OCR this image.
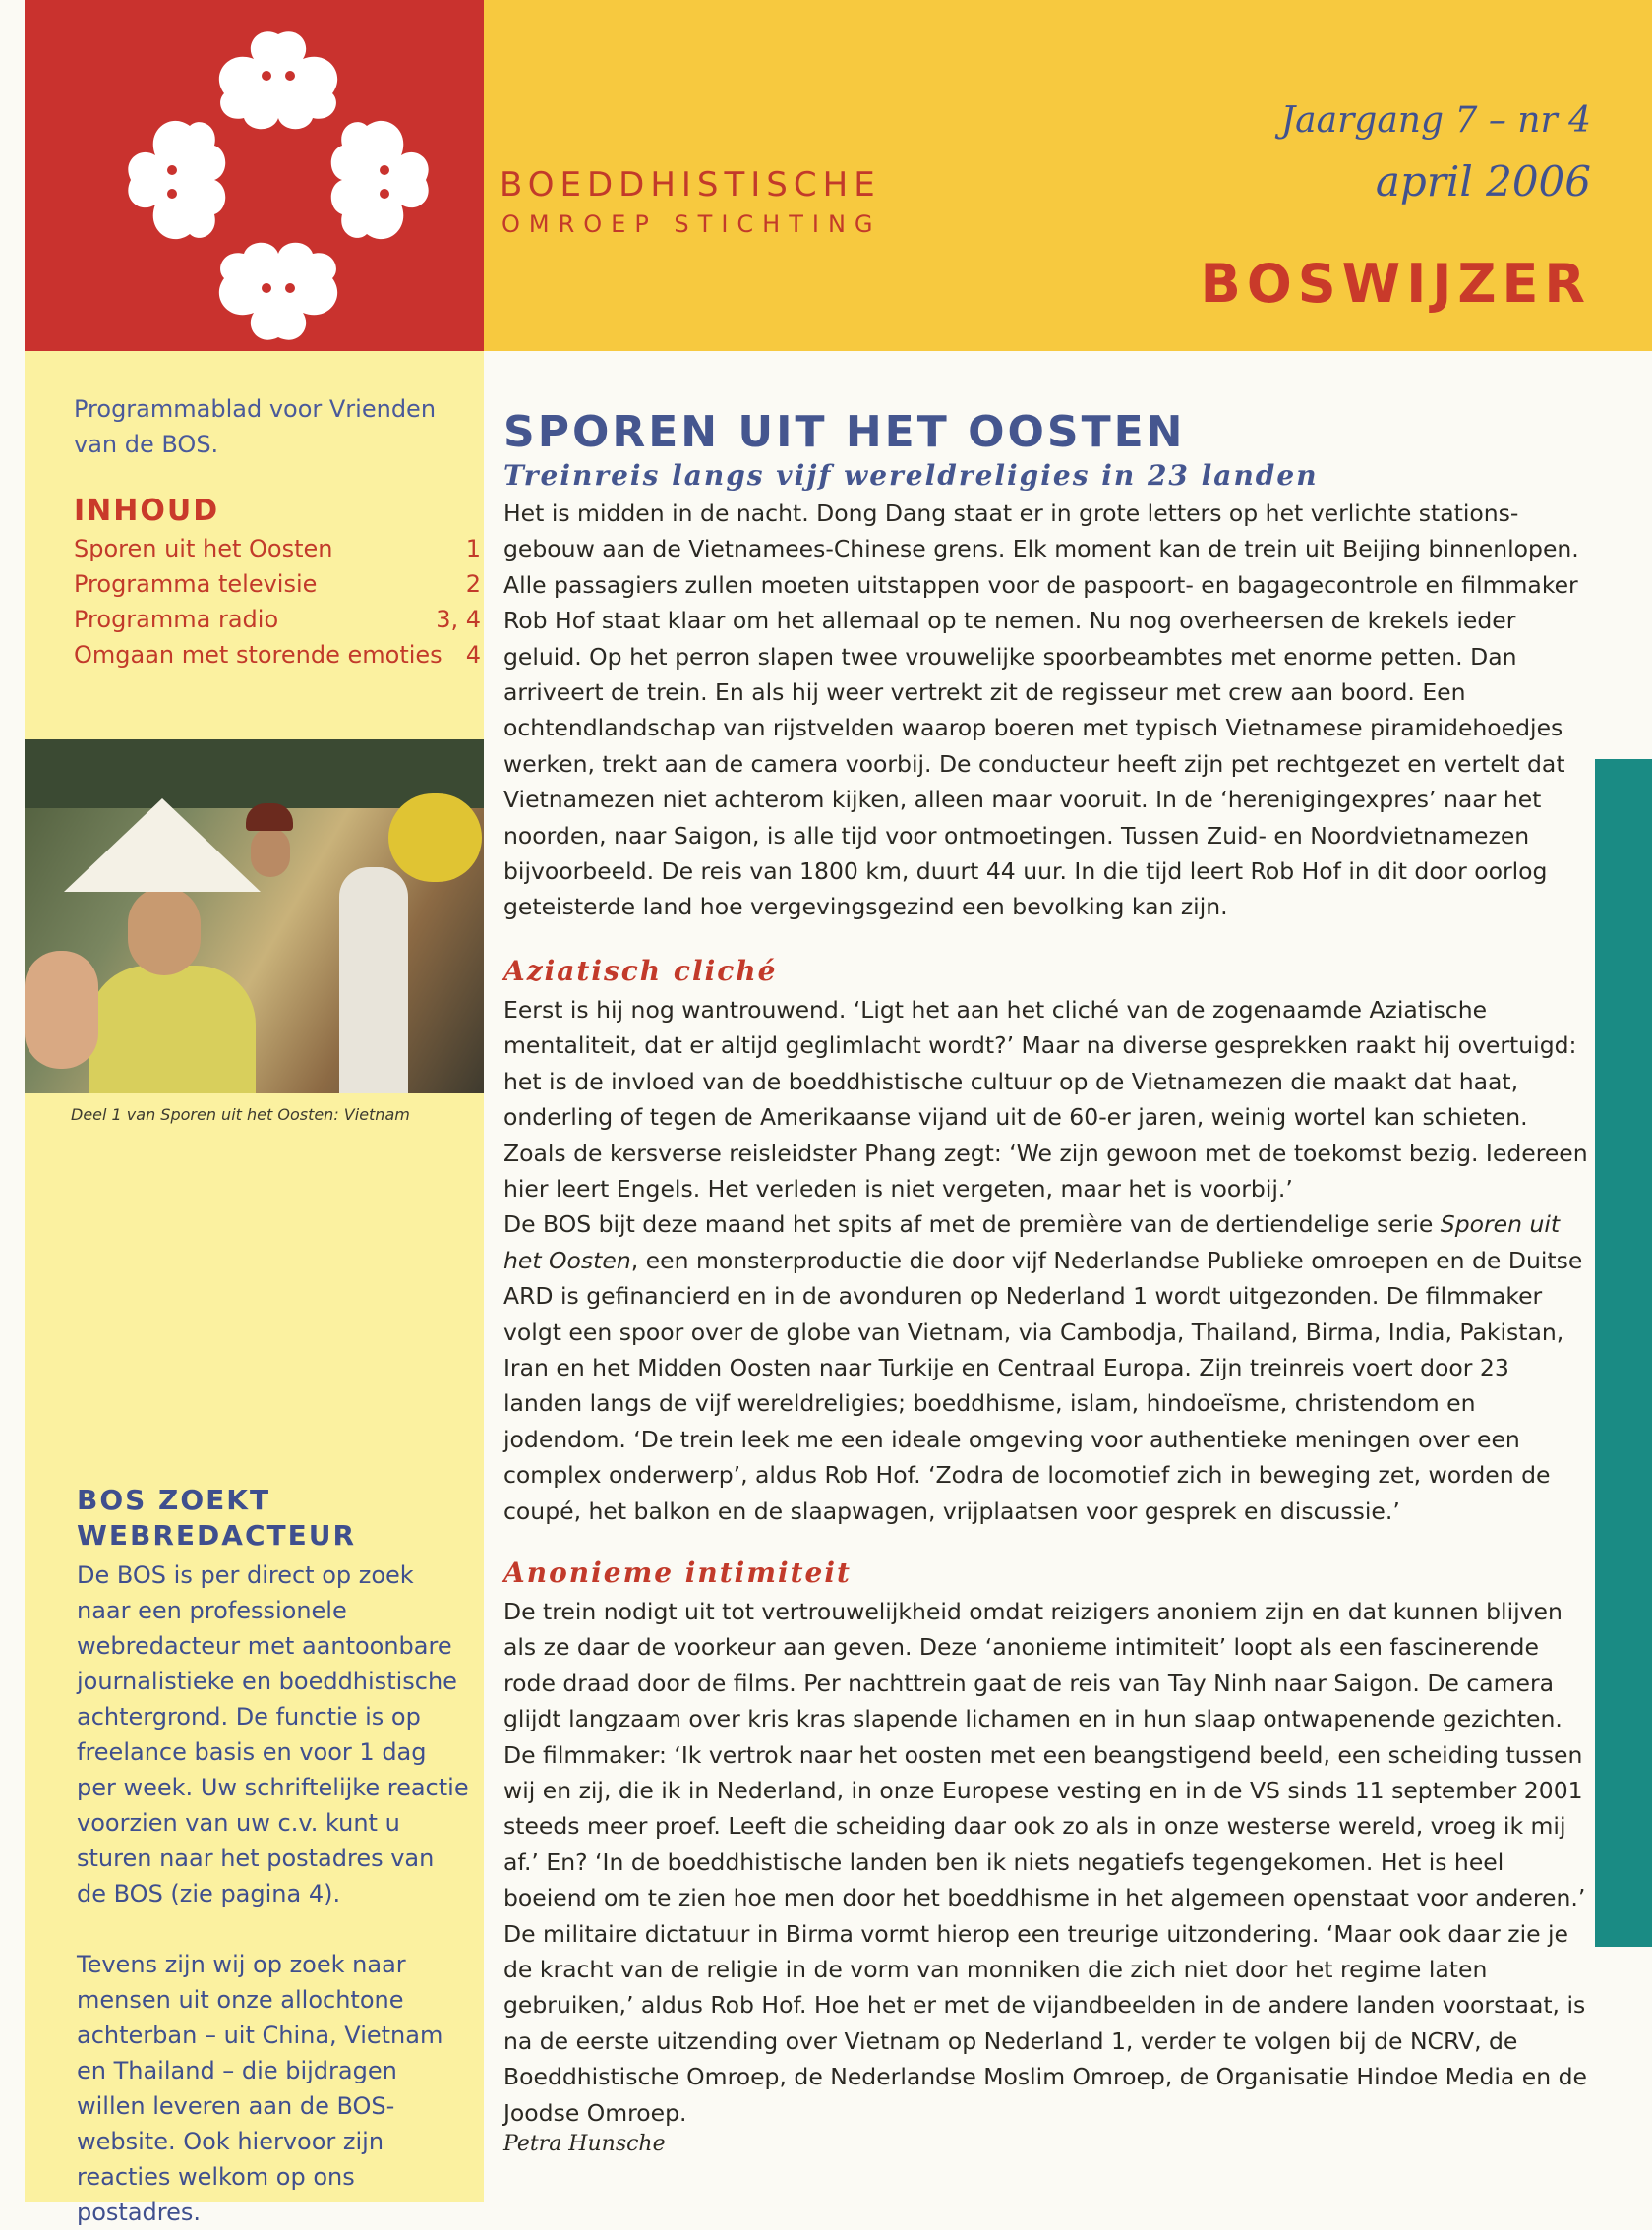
BOEDDHISTISCHE
OMROEP STICHTING
Jaargang 7 – nr 4
april 2006
BOSWIJZER
Programmablad voor Vrienden van de BOS.
INHOUD
Sporen uit het Oosten	1
Programma televisie	2
Programma radio	3, 4
Omgaan met storende emoties 4
Deel 1 van Sporen uit het Oosten: Vietnam
BOS ZOEKT WEBREDACTEUR
De BOS is per direct op zoek naar een professionele webredacteur met aantoonbare journalistieke en boeddhistische achtergrond. De functie is op freelance basis en voor 1 dag per week. Uw schriftelijke reactie voorzien van uw c.v. kunt u sturen naar het postadres van de BOS (zie pagina 4).
Tevens zijn wij op zoek naar mensen uit onze allochtone achterban – uit China, Vietnam en Thailand – die bijdragen willen leveren aan de BOS-website. Ook hiervoor zijn reacties welkom op ons postadres.
SPOREN UIT HET OOSTEN
Treinreis langs vijf wereldreligies in 23 landen

Het is midden in de nacht. Dong Dang staat er in grote letters op het verlichte stationsgebouw aan de Vietnamees-Chinese grens. Elk moment kan de trein uit Beijing binnenlopen. Alle passagiers zullen moeten uitstappen voor de paspoort- en bagagecontrole en filmmaker Rob Hof staat klaar om het allemaal op te nemen. Nu nog overheersen de krekels ieder geluid. Op het perron slapen twee vrouwelijke spoorbeambtes met enorme petten. Dan arriveert de trein. En als hij weer vertrekt zit de regisseur met crew aan boord. Een ochtendlandschap van rijstvelden waarop boeren met typisch Vietnamese piramidehoedjes werken, trekt aan de camera voorbij. De conducteur heeft zijn pet rechtgezet en vertelt dat Vietnamezen niet achterom kijken, alleen maar vooruit. In de ‘herenigingexpres’ naar het noorden, naar Saigon, is alle tijd voor ontmoetingen. Tussen Zuid- en Noordvietnamezen bijvoorbeeld. De reis van 1800 km, duurt 44 uur. In die tijd leert Rob Hof in dit door oorlog geteisterde land hoe vergevingsgezind een bevolking kan zijn.

Aziatisch cliché

Eerst is hij nog wantrouwend. ‘Ligt het aan het cliché van de zogenaamde Aziatische mentaliteit, dat er altijd geglimlacht wordt?’ Maar na diverse gesprekken raakt hij overtuigd: het is de invloed van de boeddhistische cultuur op de Vietnamezen die maakt dat haat, onderling of tegen de Amerikaanse vijand uit de 60-er jaren, weinig wortel kan schieten. Zoals de kersverse reisleidster Phang zegt: ‘We zijn gewoon met de toekomst bezig. Iedereen hier leert Engels. Het verleden is niet vergeten, maar het is voorbij.’

De BOS bijt deze maand het spits af met de première van de dertiendelige serie Sporen uit het Oosten, een monsterproductie die door vijf Nederlandse Publieke omroepen en de Duitse ARD is gefinancierd en in de avonduren op Nederland 1 wordt uitgezonden. De filmmaker volgt een spoor over de globe van Vietnam, via Cambodja, Thailand, Birma, India, Pakistan, Iran en het Midden Oosten naar Turkije en Centraal Europa. Zijn treinreis voert door 23 landen langs de vijf wereldreligies; boeddhisme, islam, hindoeïsme, christendom en jodendom. ‘De trein leek me een ideale omgeving voor authentieke meningen over een complex onderwerp’, aldus Rob Hof. ‘Zodra de locomotief zich in beweging zet, worden de coupé, het balkon en de slaapwagen, vrijplaatsen voor gesprek en discussie.’

Anonieme intimiteit

De trein nodigt uit tot vertrouwelijkheid omdat reizigers anoniem zijn en dat kunnen blijven als ze daar de voorkeur aan geven. Deze ‘anonieme intimiteit’ loopt als een fascinerende rode draad door de films. Per nachttrein gaat de reis van Tay Ninh naar Saigon. De camera glijdt langzaam over kris kras slapende lichamen en in hun slaap ontwapenende gezichten. De filmmaker: ‘Ik vertrok naar het oosten met een beangstigend beeld, een scheiding tussen wij en zij, die ik in Nederland, in onze Europese vesting en in de VS sinds 11 september 2001 steeds meer proef. Leeft die scheiding daar ook zo als in onze westerse wereld, vroeg ik mij af.’ En? ‘In de boeddhistische landen ben ik niets negatiefs tegengekomen. Het is heel boeiend om te zien hoe men door het boeddhisme in het algemeen openstaat voor anderen.’ De militaire dictatuur in Birma vormt hierop een treurige uitzondering. ‘Maar ook daar zie je de kracht van de religie in de vorm van monniken die zich niet door het regime laten gebruiken,’ aldus Rob Hof. Hoe het er met de vijandbeelden in de andere landen voorstaat, is na de eerste uitzending over Vietnam op Nederland 1, verder te volgen bij de NCRV, de Boeddhistische Omroep, de Nederlandse Moslim Omroep, de Organisatie Hindoe Media en de Joodse Omroep.

Petra Hunsche
